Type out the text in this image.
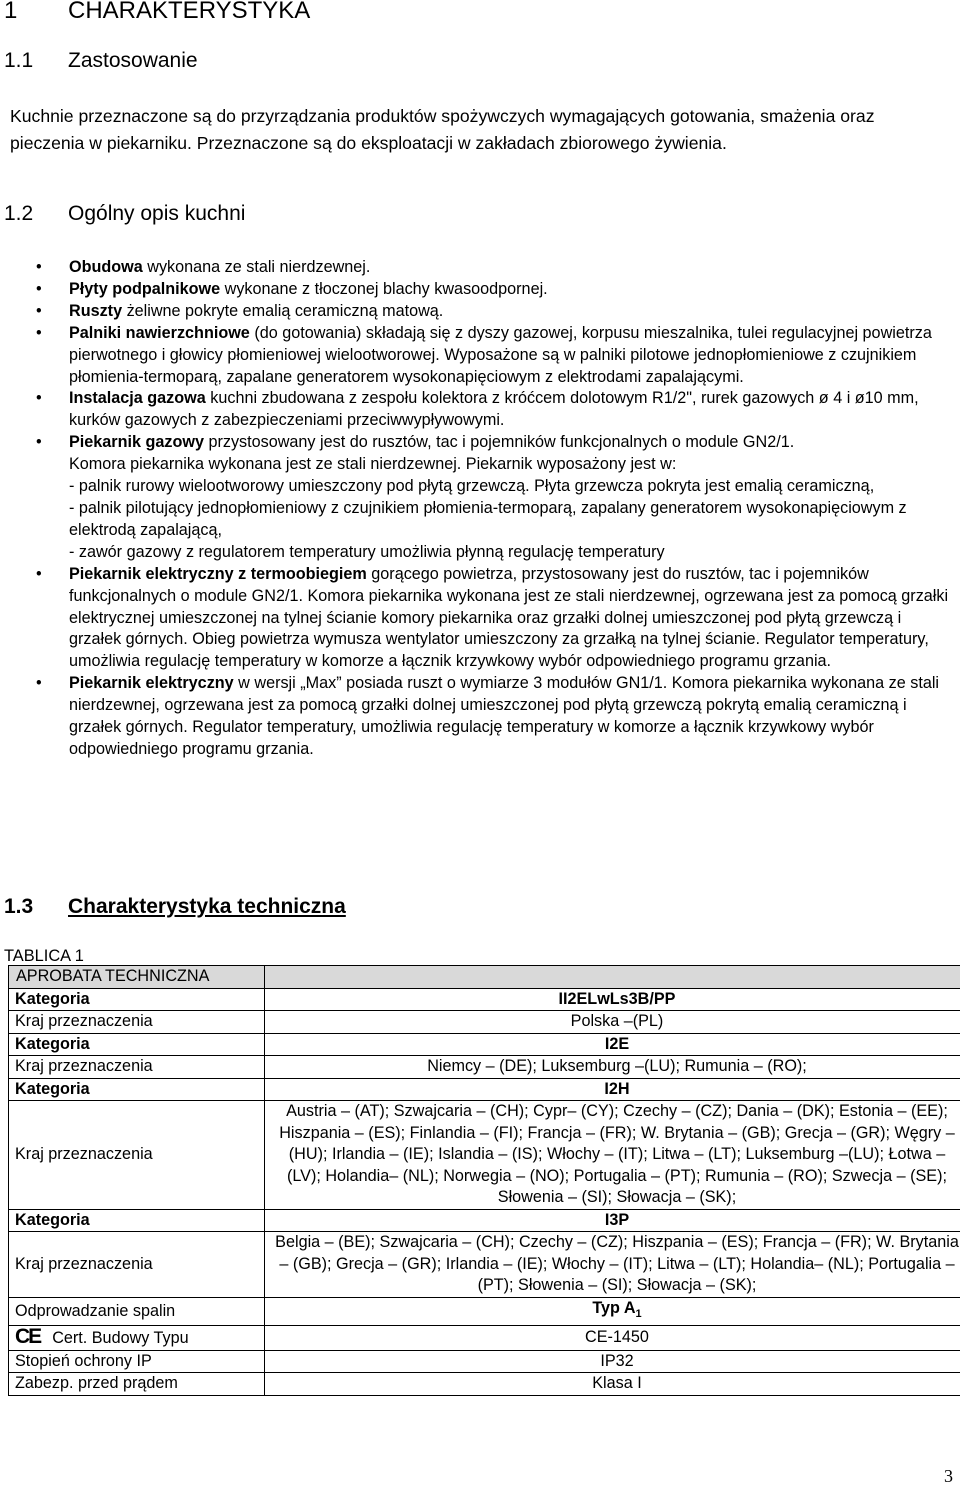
1 CHARAKTERYSTYKA
1.1 Zastosowanie
Kuchnie przeznaczone są do przyrządzania produktów spożywczych wymagających gotowania, smażenia oraz pieczenia w piekarniku. Przeznaczone są do eksploatacji w zakładach zbiorowego żywienia.
1.2 Ogólny opis kuchni
• Obudowa wykonana ze stali nierdzewnej.
• Płyty podpalnikowe wykonane z tłoczonej blachy kwasoodpornej.
• Ruszty żeliwne pokryte emalią ceramiczną matową.
• Palniki nawierzchniowe (do gotowania) składają się z dyszy gazowej, korpusu mieszalnika, tulei regulacyjnej powietrza pierwotnego i głowicy płomieniowej wielootworowej. Wyposażone są w palniki pilotowe jednopłomieniowe z czujnikiem płomienia-termoparą, zapalane generatorem wysokonapięciowym z elektrodami zapalającymi.
• Instalacja gazowa kuchni zbudowana z zespołu kolektora z króćcem dolotowym R1/2", rurek gazowych ø 4 i ø10 mm, kurków gazowych z zabezpieczeniami przeciwwypływowymi.
• Piekarnik gazowy przystosowany jest do rusztów, tac i pojemników funkcjonalnych o module GN2/1.
Komora piekarnika wykonana jest ze stali nierdzewnej. Piekarnik wyposażony jest w:
- palnik rurowy wielootworowy umieszczony pod płytą grzewczą. Płyta grzewcza pokryta jest emalią ceramiczną,
- palnik pilotujący jednopłomieniowy z czujnikiem płomienia-termoparą, zapalany generatorem wysokonapięciowym z elektrodą zapalającą,
- zawór gazowy z regulatorem temperatury umożliwia płynną regulację temperatury
• Piekarnik elektryczny z termoobiegiem gorącego powietrza, przystosowany jest do rusztów, tac i pojemników funkcjonalnych o module GN2/1. Komora piekarnika wykonana jest ze stali nierdzewnej, ogrzewana jest za pomocą grzałki elektrycznej umieszczonej na tylnej ścianie komory piekarnika oraz grzałki dolnej umieszczonej pod płytą grzewczą i grzałek górnych. Obieg powietrza wymusza wentylator umieszczony za grzałką na tylnej ścianie. Regulator temperatury, umożliwia regulację temperatury w komorze a łącznik krzywkowy wybór odpowiedniego programu grzania.
• Piekarnik elektryczny w wersji „Max” posiada ruszt o wymiarze 3 modułów GN1/1. Komora piekarnika wykonana ze stali nierdzewnej, ogrzewana jest za pomocą grzałki dolnej umieszczonej pod płytą grzewczą pokrytą emalią ceramiczną i grzałek górnych. Regulator temperatury, umożliwia regulację temperatury w komorze a łącznik krzywkowy wybór odpowiedniego programu grzania.
1.3 Charakterystyka techniczna
TABLICA 1
APROBATA TECHNICZNA	
Kategoria	II2ELwLs3B/PP
Kraj przeznaczenia	Polska –(PL)
Kategoria	I2E
Kraj przeznaczenia	Niemcy – (DE); Luksemburg –(LU); Rumunia – (RO);
Kategoria	I2H
Kraj przeznaczenia	Austria – (AT); Szwajcaria – (CH); Cypr– (CY); Czechy – (CZ); Dania – (DK); Estonia – (EE); Hiszpania – (ES); Finlandia – (FI); Francja – (FR); W. Brytania – (GB); Grecja – (GR); Węgry – (HU); Irlandia – (IE); Islandia – (IS); Włochy – (IT); Litwa – (LT); Luksemburg –(LU); Łotwa – (LV); Holandia– (NL); Norwegia – (NO); Portugalia – (PT); Rumunia – (RO); Szwecja – (SE); Słowenia – (SI); Słowacja – (SK);
Kategoria	I3P
Kraj przeznaczenia	Belgia – (BE); Szwajcaria – (CH); Czechy – (CZ); Hiszpania – (ES); Francja – (FR); W. Brytania – (GB); Grecja – (GR); Irlandia – (IE); Włochy – (IT); Litwa – (LT); Holandia– (NL); Portugalia – (PT); Słowenia – (SI); Słowacja – (SK);
Odprowadzanie spalin	Typ $A_1$
CE Cert. Budowy Typu	CE-1450
Stopień ochrony IP	IP32
Zabezp. przed prądem	Klasa I
3
